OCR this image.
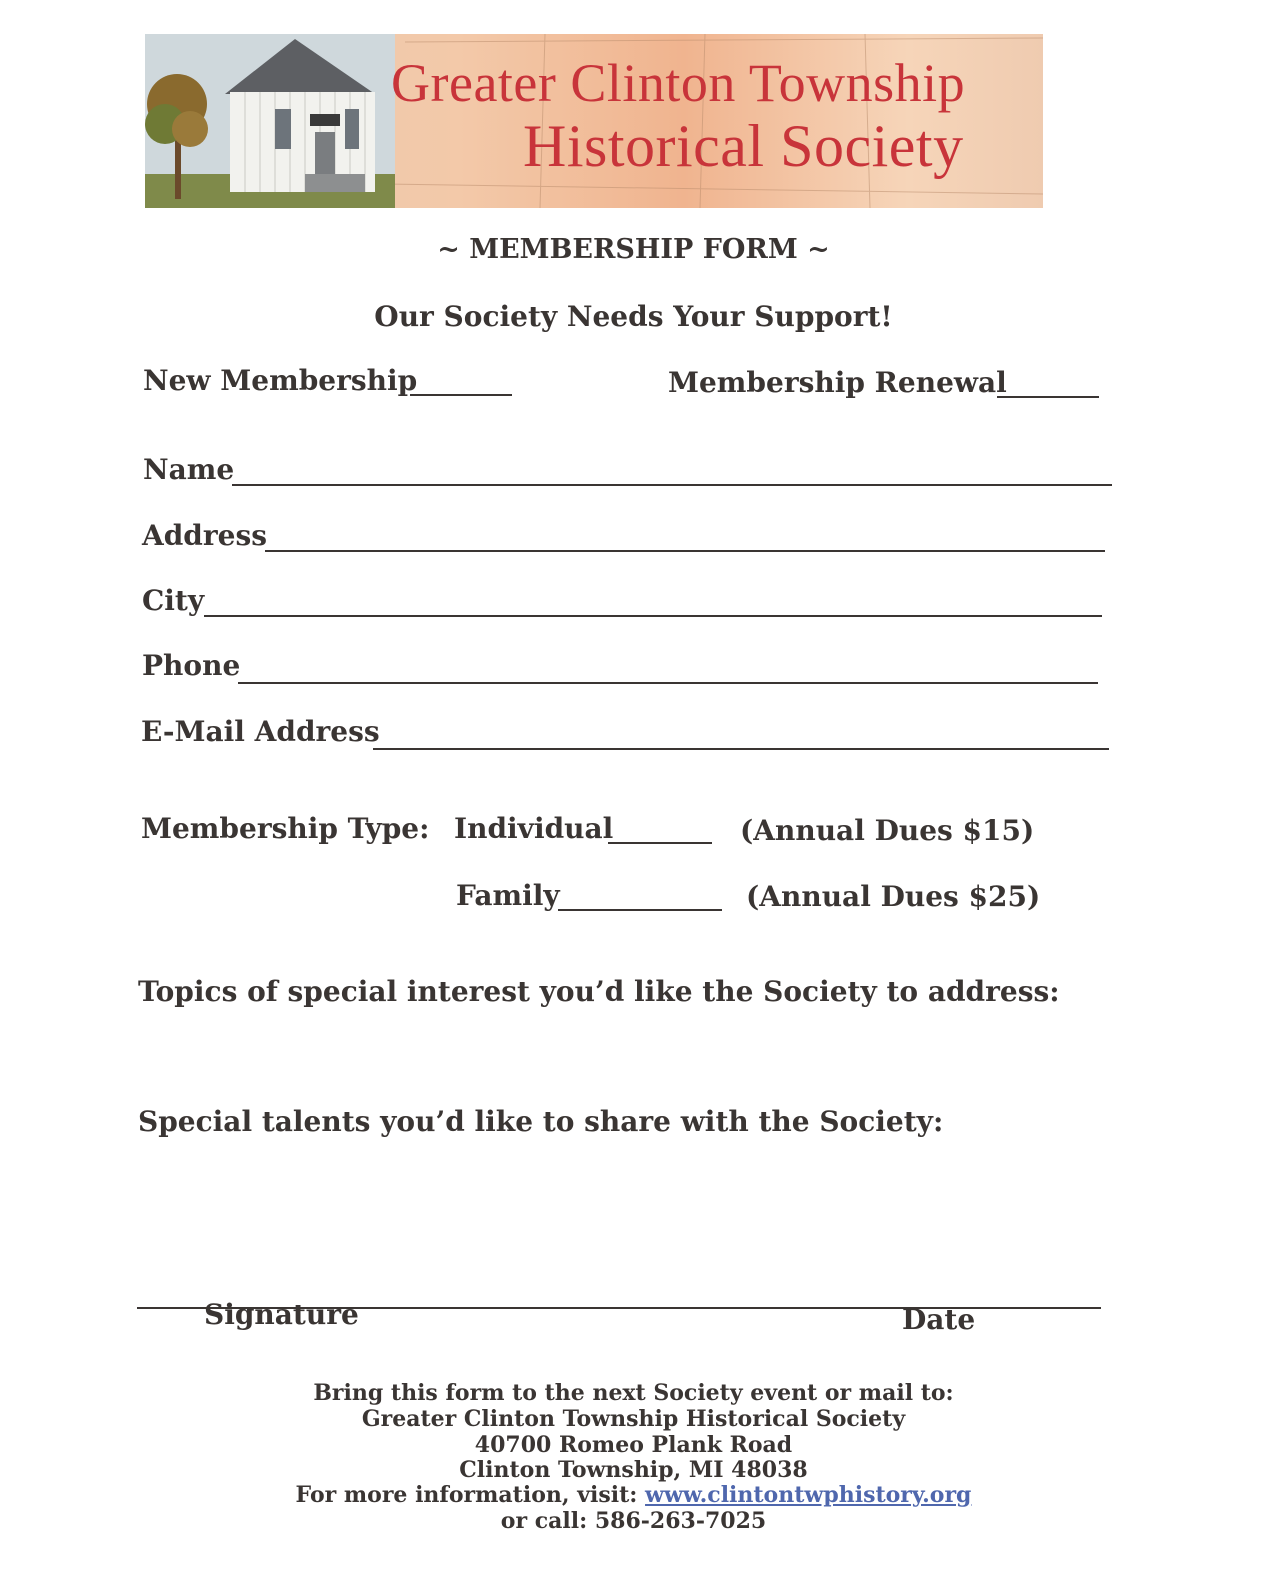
Greater Clinton Township
Historical Society
~ MEMBERSHIP FORM ~
Our Society Needs Your Support!
New Membership	Membership Renewal
Name
Address
City
Phone
E-Mail Address
Membership Type: Individual	(Annual Dues $15)
Family	(Annual Dues $25)
Topics of special interest you’d like the Society to address:
Special talents you’d like to share with the Society:
Signature	Date
Bring this form to the next Society event or mail to:
Greater Clinton Township Historical Society
40700 Romeo Plank Road
Clinton Township, MI 48038
For more information, visit: www.clintontwphistory.org
or call: 586-263-7025
